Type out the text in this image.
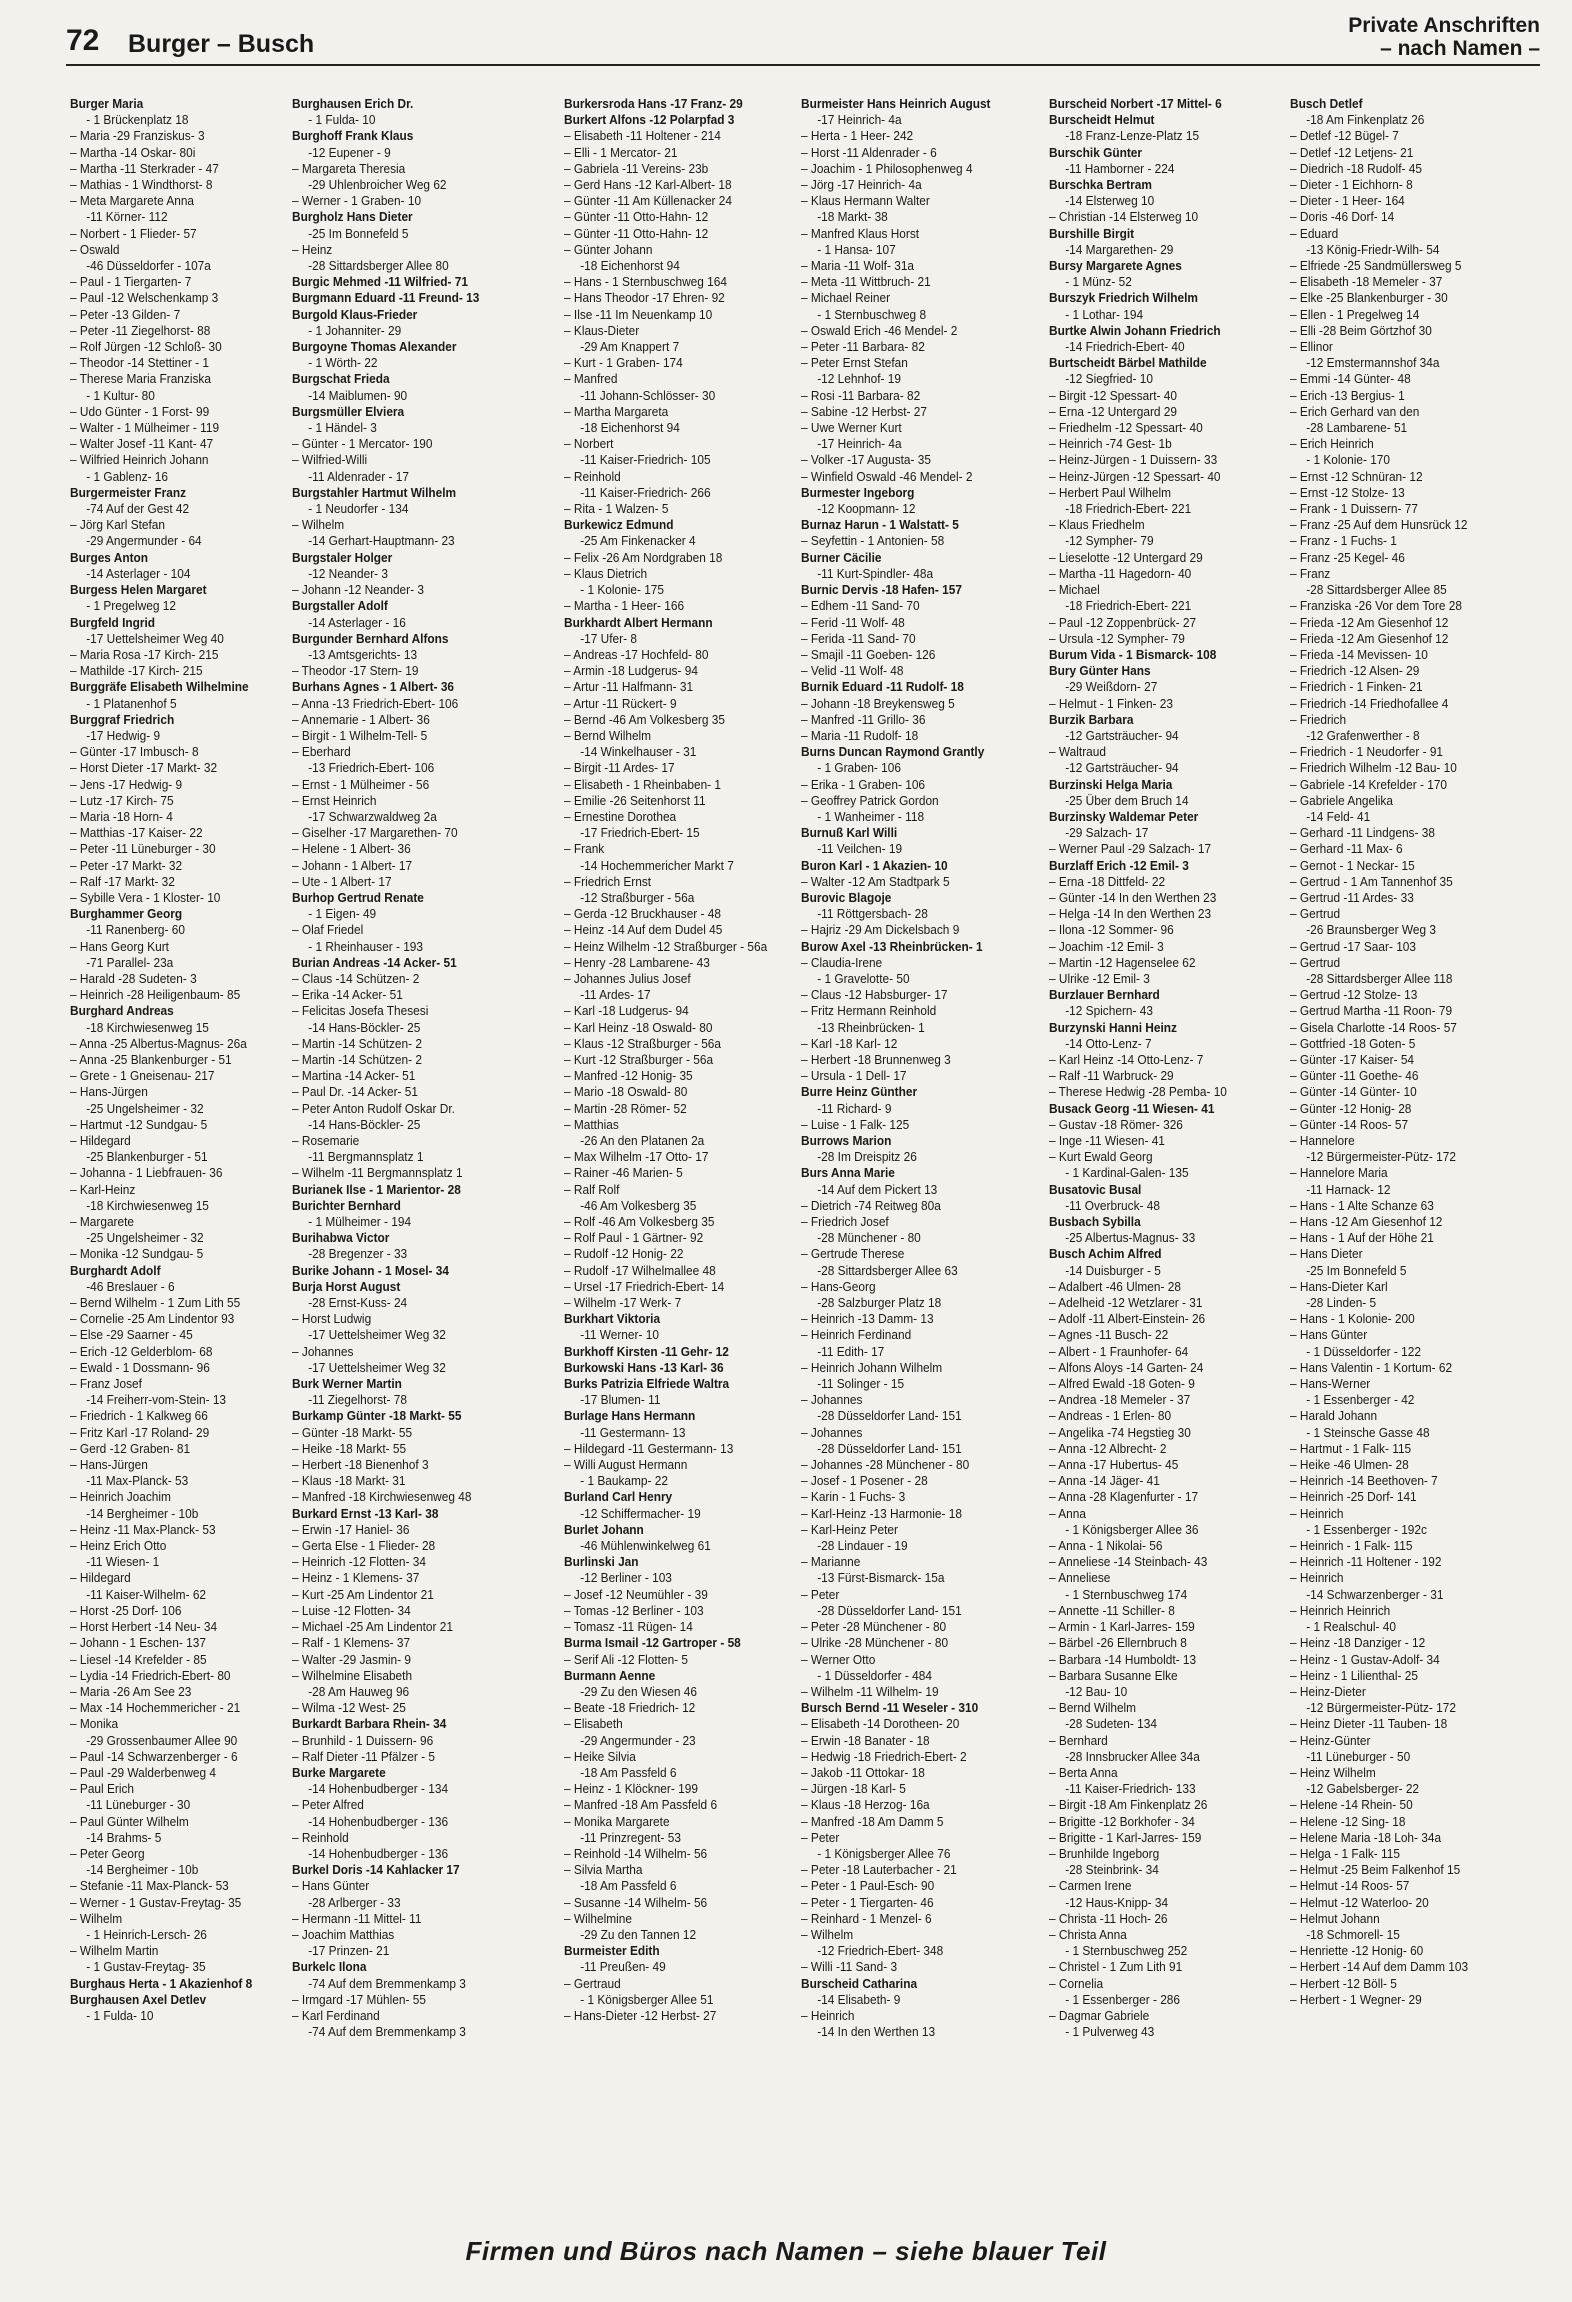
72 Burger – Busch
Private Anschriften
– nach Namen –
Burger Maria
- 1 Brückenplatz 18
– Maria -29 Franziskus- 3
– Martha -14 Oskar- 80i
– Martha -11 Sterkrader - 47
– Mathias - 1 Windthorst- 8
– Meta Margarete Anna
-11 Körner- 112
– Norbert - 1 Flieder- 57
– Oswald
-46 Düsseldorfer - 107a
– Paul - 1 Tiergarten- 7
– Paul -12 Welschenkamp 3
– Peter -13 Gilden- 7
– Peter -11 Ziegelhorst- 88
– Rolf Jürgen -12 Schloß- 30
– Theodor -14 Stettiner - 1
– Therese Maria Franziska
- 1 Kultur- 80
– Udo Günter - 1 Forst- 99
– Walter - 1 Mülheimer - 119
– Walter Josef -11 Kant- 47
– Wilfried Heinrich Johann
- 1 Gablenz- 16
Burgermeister Franz
-74 Auf der Gest 42
– Jörg Karl Stefan
-29 Angermunder - 64
Burges Anton
-14 Asterlager - 104
Burgess Helen Margaret
- 1 Pregelweg 12
Burgfeld Ingrid
-17 Uettelsheimer Weg 40
– Maria Rosa -17 Kirch- 215
– Mathilde -17 Kirch- 215
Burggräfe Elisabeth Wilhelmine
- 1 Platanenhof 5
Burggraf Friedrich
-17 Hedwig- 9
– Günter -17 Imbusch- 8
– Horst Dieter -17 Markt- 32
– Jens -17 Hedwig- 9
– Lutz -17 Kirch- 75
– Maria -18 Horn- 4
– Matthias -17 Kaiser- 22
– Peter -11 Lüneburger - 30
– Peter -17 Markt- 32
– Ralf -17 Markt- 32
– Sybille Vera - 1 Kloster- 10
Burghammer Georg
-11 Ranenberg- 60
– Hans Georg Kurt
-71 Parallel- 23a
– Harald -28 Sudeten- 3
– Heinrich -28 Heiligenbaum- 85
Burghard Andreas
-18 Kirchwiesenweg 15
– Anna -25 Albertus-Magnus- 26a
– Anna -25 Blankenburger - 51
– Grete - 1 Gneisenau- 217
– Hans-Jürgen
-25 Ungelsheimer - 32
– Hartmut -12 Sundgau- 5
– Hildegard
-25 Blankenburger - 51
– Johanna - 1 Liebfrauen- 36
– Karl-Heinz
-18 Kirchwiesenweg 15
– Margarete
-25 Ungelsheimer - 32
– Monika -12 Sundgau- 5
Burghardt Adolf
-46 Breslauer - 6
– Bernd Wilhelm - 1 Zum Lith 55
– Cornelie -25 Am Lindentor 93
– Else -29 Saarner - 45
– Erich -12 Gelderblom- 68
– Ewald - 1 Dossmann- 96
– Franz Josef
-14 Freiherr-vom-Stein- 13
– Friedrich - 1 Kalkweg 66
– Fritz Karl -17 Roland- 29
– Gerd -12 Graben- 81
– Hans-Jürgen
-11 Max-Planck- 53
– Heinrich Joachim
-14 Bergheimer - 10b
– Heinz -11 Max-Planck- 53
– Heinz Erich Otto
-11 Wiesen- 1
– Hildegard
-11 Kaiser-Wilhelm- 62
– Horst -25 Dorf- 106
– Horst Herbert -14 Neu- 34
– Johann - 1 Eschen- 137
– Liesel -14 Krefelder - 85
– Lydia -14 Friedrich-Ebert- 80
– Maria -26 Am See 23
– Max -14 Hochemmericher - 21
– Monika
-29 Grossenbaumer Allee 90
– Paul -14 Schwarzenberger - 6
– Paul -29 Walderbenweg 4
– Paul Erich
-11 Lüneburger - 30
– Paul Günter Wilhelm
-14 Brahms- 5
– Peter Georg
-14 Bergheimer - 10b
– Stefanie -11 Max-Planck- 53
– Werner - 1 Gustav-Freytag- 35
– Wilhelm
- 1 Heinrich-Lersch- 26
– Wilhelm Martin
- 1 Gustav-Freytag- 35
Burghaus Herta - 1 Akazienhof 8
Burghausen Axel Detlev
- 1 Fulda- 10
Burghausen Erich Dr.
- 1 Fulda- 10
Burghoff Frank Klaus
-12 Eupener - 9
– Margareta Theresia
-29 Uhlenbroicher Weg 62
– Werner - 1 Graben- 10
Burgholz Hans Dieter
-25 Im Bonnefeld 5
– Heinz
-28 Sittardsberger Allee 80
Burgic Mehmed -11 Wilfried- 71
Burgmann Eduard -11 Freund- 13
Burgold Klaus-Frieder
- 1 Johanniter- 29
Burgoyne Thomas Alexander
- 1 Wörth- 22
Burgschat Frieda
-14 Maiblumen- 90
Burgsmüller Elviera
- 1 Händel- 3
– Günter - 1 Mercator- 190
– Wilfried-Willi
-11 Aldenrader - 17
Burgstahler Hartmut Wilhelm
- 1 Neudorfer - 134
– Wilhelm
-14 Gerhart-Hauptmann- 23
Burgstaler Holger
-12 Neander- 3
– Johann -12 Neander- 3
Burgstaller Adolf
-14 Asterlager - 16
Burgunder Bernhard Alfons
-13 Amtsgerichts- 13
– Theodor -17 Stern- 19
Burhans Agnes - 1 Albert- 36
– Anna -13 Friedrich-Ebert- 106
– Annemarie - 1 Albert- 36
– Birgit - 1 Wilhelm-Tell- 5
– Eberhard
-13 Friedrich-Ebert- 106
– Ernst - 1 Mülheimer - 56
– Ernst Heinrich
-17 Schwarzwaldweg 2a
– Giselher -17 Margarethen- 70
– Helene - 1 Albert- 36
– Johann - 1 Albert- 17
– Ute - 1 Albert- 17
Burhop Gertrud Renate
- 1 Eigen- 49
– Olaf Friedel
- 1 Rheinhauser - 193
Burian Andreas -14 Acker- 51
– Claus -14 Schützen- 2
– Erika -14 Acker- 51
– Felicitas Josefa Thesesi
-14 Hans-Böckler- 25
– Martin -14 Schützen- 2
– Martin -14 Schützen- 2
– Martina -14 Acker- 51
– Paul Dr. -14 Acker- 51
– Peter Anton Rudolf Oskar Dr.
-14 Hans-Böckler- 25
– Rosemarie
-11 Bergmannsplatz 1
– Wilhelm -11 Bergmannsplatz 1
Burianek Ilse - 1 Marientor- 28
Burichter Bernhard
- 1 Mülheimer - 194
Burihabwa Victor
-28 Bregenzer - 33
Burike Johann - 1 Mosel- 34
Burja Horst August
-28 Ernst-Kuss- 24
– Horst Ludwig
-17 Uettelsheimer Weg 32
– Johannes
-17 Uettelsheimer Weg 32
Burk Werner Martin
-11 Ziegelhorst- 78
Burkamp Günter -18 Markt- 55
– Günter -18 Markt- 55
– Heike -18 Markt- 55
– Herbert -18 Bienenhof 3
– Klaus -18 Markt- 31
– Manfred -18 Kirchwiesenweg 48
Burkard Ernst -13 Karl- 38
– Erwin -17 Haniel- 36
– Gerta Else - 1 Flieder- 28
– Heinrich -12 Flotten- 34
– Heinz - 1 Klemens- 37
– Kurt -25 Am Lindentor 21
– Luise -12 Flotten- 34
– Michael -25 Am Lindentor 21
– Ralf - 1 Klemens- 37
– Walter -29 Jasmin- 9
– Wilhelmine Elisabeth
-28 Am Hauweg 96
– Wilma -12 West- 25
Burkardt Barbara Rhein- 34
– Brunhild - 1 Duissern- 96
– Ralf Dieter -11 Pfälzer - 5
Burke Margarete
-14 Hohenbudberger - 134
– Peter Alfred
-14 Hohenbudberger - 136
– Reinhold
-14 Hohenbudberger - 136
Burkel Doris -14 Kahlacker 17
– Hans Günter
-28 Arlberger - 33
– Hermann -11 Mittel- 11
– Joachim Matthias
-17 Prinzen- 21
Burkelc Ilona
-74 Auf dem Bremmenkamp 3
– Irmgard -17 Mühlen- 55
– Karl Ferdinand
-74 Auf dem Bremmenkamp 3
Burkersroda Hans -17 Franz- 29
Burkert Alfons -12 Polarpfad 3
– Elisabeth -11 Holtener - 214
– Elli - 1 Mercator- 21
– Gabriela -11 Vereins- 23b
– Gerd Hans -12 Karl-Albert- 18
– Günter -11 Am Küllenacker 24
– Günter -11 Otto-Hahn- 12
– Günter -11 Otto-Hahn- 12
– Günter Johann
-18 Eichenhorst 94
– Hans - 1 Sternbuschweg 164
– Hans Theodor -17 Ehren- 92
– Ilse -11 Im Neuenkamp 10
– Klaus-Dieter
-29 Am Knappert 7
– Kurt - 1 Graben- 174
– Manfred
-11 Johann-Schlösser- 30
– Martha Margareta
-18 Eichenhorst 94
– Norbert
-11 Kaiser-Friedrich- 105
– Reinhold
-11 Kaiser-Friedrich- 266
– Rita - 1 Walzen- 5
Burkewicz Edmund
-25 Am Finkenacker 4
– Felix -26 Am Nordgraben 18
– Klaus Dietrich
- 1 Kolonie- 175
– Martha - 1 Heer- 166
Burkhardt Albert Hermann
-17 Ufer- 8
– Andreas -17 Hochfeld- 80
– Armin -18 Ludgerus- 94
– Artur -11 Halfmann- 31
– Artur -11 Rückert- 9
– Bernd -46 Am Volkesberg 35
– Bernd Wilhelm
-14 Winkelhauser - 31
– Birgit -11 Ardes- 17
– Elisabeth - 1 Rheinbaben- 1
– Emilie -26 Seitenhorst 11
– Ernestine Dorothea
-17 Friedrich-Ebert- 15
– Frank
-14 Hochemmericher Markt 7
– Friedrich Ernst
-12 Straßburger - 56a
– Gerda -12 Bruckhauser - 48
– Heinz -14 Auf dem Dudel 45
– Heinz Wilhelm -12 Straßburger - 56a
– Henry -28 Lambarene- 43
– Johannes Julius Josef
-11 Ardes- 17
– Karl -18 Ludgerus- 94
– Karl Heinz -18 Oswald- 80
– Klaus -12 Straßburger - 56a
– Kurt -12 Straßburger - 56a
– Manfred -12 Honig- 35
– Mario -18 Oswald- 80
– Martin -28 Römer- 52
– Matthias
-26 An den Platanen 2a
– Max Wilhelm -17 Otto- 17
– Rainer -46 Marien- 5
– Ralf Rolf
-46 Am Volkesberg 35
– Rolf -46 Am Volkesberg 35
– Rolf Paul - 1 Gärtner- 92
– Rudolf -12 Honig- 22
– Rudolf -17 Wilhelmallee 48
– Ursel -17 Friedrich-Ebert- 14
– Wilhelm -17 Werk- 7
Burkhart Viktoria
-11 Werner- 10
Burkhoff Kirsten -11 Gehr- 12
Burkowski Hans -13 Karl- 36
Burks Patrizia Elfriede Waltra
-17 Blumen- 11
Burlage Hans Hermann
-11 Gestermann- 13
– Hildegard -11 Gestermann- 13
– Willi August Hermann
- 1 Baukamp- 22
Burland Carl Henry
-12 Schiffermacher- 19
Burlet Johann
-46 Mühlenwinkelweg 61
Burlinski Jan
-12 Berliner - 103
– Josef -12 Neumühler - 39
– Tomas -12 Berliner - 103
– Tomasz -11 Rügen- 14
Burma Ismail -12 Gartroper - 58
– Serif Ali -12 Flotten- 5
Burmann Aenne
-29 Zu den Wiesen 46
– Beate -18 Friedrich- 12
– Elisabeth
-29 Angermunder - 23
– Heike Silvia
-18 Am Passfeld 6
– Heinz - 1 Klöckner- 199
– Manfred -18 Am Passfeld 6
– Monika Margarete
-11 Prinzregent- 53
– Reinhold -14 Wilhelm- 56
– Silvia Martha
-18 Am Passfeld 6
– Susanne -14 Wilhelm- 56
– Wilhelmine
-29 Zu den Tannen 12
Burmeister Edith
-11 Preußen- 49
– Gertraud
- 1 Königsberger Allee 51
– Hans-Dieter -12 Herbst- 27
Burmeister Hans Heinrich August
-17 Heinrich- 4a
– Herta - 1 Heer- 242
– Horst -11 Aldenrader - 6
– Joachim - 1 Philosophenweg 4
– Jörg -17 Heinrich- 4a
– Klaus Hermann Walter
-18 Markt- 38
– Manfred Klaus Horst
- 1 Hansa- 107
– Maria -11 Wolf- 31a
– Meta -11 Wittbruch- 21
– Michael Reiner
- 1 Sternbuschweg 8
– Oswald Erich -46 Mendel- 2
– Peter -11 Barbara- 82
– Peter Ernst Stefan
-12 Lehnhof- 19
– Rosi -11 Barbara- 82
– Sabine -12 Herbst- 27
– Uwe Werner Kurt
-17 Heinrich- 4a
– Volker -17 Augusta- 35
– Winfield Oswald -46 Mendel- 2
Burmester Ingeborg
-12 Koopmann- 12
Burnaz Harun - 1 Walstatt- 5
– Seyfettin - 1 Antonien- 58
Burner Cäcilie
-11 Kurt-Spindler- 48a
Burnic Dervis -18 Hafen- 157
– Edhem -11 Sand- 70
– Ferid -11 Wolf- 48
– Ferida -11 Sand- 70
– Smajil -11 Goeben- 126
– Velid -11 Wolf- 48
Burnik Eduard -11 Rudolf- 18
– Johann -18 Breykensweg 5
– Manfred -11 Grillo- 36
– Maria -11 Rudolf- 18
Burns Duncan Raymond Grantly
- 1 Graben- 106
– Erika - 1 Graben- 106
– Geoffrey Patrick Gordon
- 1 Wanheimer - 118
Burnuß Karl Willi
-11 Veilchen- 19
Buron Karl - 1 Akazien- 10
– Walter -12 Am Stadtpark 5
Burovic Blagoje
-11 Röttgersbach- 28
– Hajriz -29 Am Dickelsbach 9
Burow Axel -13 Rheinbrücken- 1
– Claudia-Irene
- 1 Gravelotte- 50
– Claus -12 Habsburger- 17
– Fritz Hermann Reinhold
-13 Rheinbrücken- 1
– Karl -18 Karl- 12
– Herbert -18 Brunnenweg 3
– Ursula - 1 Dell- 17
Burre Heinz Günther
-11 Richard- 9
– Luise - 1 Falk- 125
Burrows Marion
-28 Im Dreispitz 26
Burs Anna Marie
-14 Auf dem Pickert 13
– Dietrich -74 Reitweg 80a
– Friedrich Josef
-28 Münchener - 80
– Gertrude Therese
-28 Sittardsberger Allee 63
– Hans-Georg
-28 Salzburger Platz 18
– Heinrich -13 Damm- 13
– Heinrich Ferdinand
-11 Edith- 17
– Heinrich Johann Wilhelm
-11 Solinger - 15
– Johannes
-28 Düsseldorfer Land- 151
– Johannes
-28 Düsseldorfer Land- 151
– Johannes -28 Münchener - 80
– Josef - 1 Posener - 28
– Karin - 1 Fuchs- 3
– Karl-Heinz -13 Harmonie- 18
– Karl-Heinz Peter
-28 Lindauer - 19
– Marianne
-13 Fürst-Bismarck- 15a
– Peter
-28 Düsseldorfer Land- 151
– Peter -28 Münchener - 80
– Ulrike -28 Münchener - 80
– Werner Otto
- 1 Düsseldorfer - 484
– Wilhelm -11 Wilhelm- 19
Bursch Bernd -11 Weseler - 310
– Elisabeth -14 Dorotheen- 20
– Erwin -18 Banater - 18
– Hedwig -18 Friedrich-Ebert- 2
– Jakob -11 Ottokar- 18
– Jürgen -18 Karl- 5
– Klaus -18 Herzog- 16a
– Manfred -18 Am Damm 5
– Peter
- 1 Königsberger Allee 76
– Peter -18 Lauterbacher - 21
– Peter - 1 Paul-Esch- 90
– Peter - 1 Tiergarten- 46
– Reinhard - 1 Menzel- 6
– Wilhelm
-12 Friedrich-Ebert- 348
– Willi -11 Sand- 3
Burscheid Catharina
-14 Elisabeth- 9
– Heinrich
-14 In den Werthen 13
Burscheid Norbert -17 Mittel- 6
Burscheidt Helmut
-18 Franz-Lenze-Platz 15
Burschik Günter
-11 Hamborner - 224
Burschka Bertram
-14 Elsterweg 10
– Christian -14 Elsterweg 10
Burshille Birgit
-14 Margarethen- 29
Bursy Margarete Agnes
- 1 Münz- 52
Burszyk Friedrich Wilhelm
- 1 Lothar- 194
Burtke Alwin Johann Friedrich
-14 Friedrich-Ebert- 40
Burtscheidt Bärbel Mathilde
-12 Siegfried- 10
– Birgit -12 Spessart- 40
– Erna -12 Untergard 29
– Friedhelm -12 Spessart- 40
– Heinrich -74 Gest- 1b
– Heinz-Jürgen - 1 Duissern- 33
– Heinz-Jürgen -12 Spessart- 40
– Herbert Paul Wilhelm
-18 Friedrich-Ebert- 221
– Klaus Friedhelm
-12 Sympher- 79
– Lieselotte -12 Untergard 29
– Martha -11 Hagedorn- 40
– Michael
-18 Friedrich-Ebert- 221
– Paul -12 Zoppenbrück- 27
– Ursula -12 Sympher- 79
Burum Vida - 1 Bismarck- 108
Bury Günter Hans
-29 Weißdorn- 27
– Helmut - 1 Finken- 23
Burzik Barbara
-12 Gartsträucher- 94
– Waltraud
-12 Gartsträucher- 94
Burzinski Helga Maria
-25 Über dem Bruch 14
Burzinsky Waldemar Peter
-29 Salzach- 17
– Werner Paul -29 Salzach- 17
Burzlaff Erich -12 Emil- 3
– Erna -18 Dittfeld- 22
– Günter -14 In den Werthen 23
– Helga -14 In den Werthen 23
– Ilona -12 Sommer- 96
– Joachim -12 Emil- 3
– Martin -12 Hagenselee 62
– Ulrike -12 Emil- 3
Burzlauer Bernhard
-12 Spichern- 43
Burzynski Hanni Heinz
-14 Otto-Lenz- 7
– Karl Heinz -14 Otto-Lenz- 7
– Ralf -11 Warbruck- 29
– Therese Hedwig -28 Pemba- 10
Busack Georg -11 Wiesen- 41
– Gustav -18 Römer- 326
– Inge -11 Wiesen- 41
– Kurt Ewald Georg
- 1 Kardinal-Galen- 135
Busatovic Busal
-11 Overbruck- 48
Busbach Sybilla
-25 Albertus-Magnus- 33
Busch Achim Alfred
-14 Duisburger - 5
– Adalbert -46 Ulmen- 28
– Adelheid -12 Wetzlarer - 31
– Adolf -11 Albert-Einstein- 26
– Agnes -11 Busch- 22
– Albert - 1 Fraunhofer- 64
– Alfons Aloys -14 Garten- 24
– Alfred Ewald -18 Goten- 9
– Andrea -18 Memeler - 37
– Andreas - 1 Erlen- 80
– Angelika -74 Hegstieg 30
– Anna -12 Albrecht- 2
– Anna -17 Hubertus- 45
– Anna -14 Jäger- 41
– Anna -28 Klagenfurter - 17
– Anna
- 1 Königsberger Allee 36
– Anna - 1 Nikolai- 56
– Anneliese -14 Steinbach- 43
– Anneliese
- 1 Sternbuschweg 174
– Annette -11 Schiller- 8
– Armin - 1 Karl-Jarres- 159
– Bärbel -26 Ellernbruch 8
– Barbara -14 Humboldt- 13
– Barbara Susanne Elke
-12 Bau- 10
– Bernd Wilhelm
-28 Sudeten- 134
– Bernhard
-28 Innsbrucker Allee 34a
– Berta Anna
-11 Kaiser-Friedrich- 133
– Birgit -18 Am Finkenplatz 26
– Brigitte -12 Borkhofer - 34
– Brigitte - 1 Karl-Jarres- 159
– Brunhilde Ingeborg
-28 Steinbrink- 34
– Carmen Irene
-12 Haus-Knipp- 34
– Christa -11 Hoch- 26
– Christa Anna
- 1 Sternbuschweg 252
– Christel - 1 Zum Lith 91
– Cornelia
- 1 Essenberger - 286
– Dagmar Gabriele
- 1 Pulverweg 43
Busch Detlef
-18 Am Finkenplatz 26
– Detlef -12 Bügel- 7
– Detlef -12 Letjens- 21
– Diedrich -18 Rudolf- 45
– Dieter - 1 Eichhorn- 8
– Dieter - 1 Heer- 164
– Doris -46 Dorf- 14
– Eduard
-13 König-Friedr-Wilh- 54
– Elfriede -25 Sandmüllersweg 5
– Elisabeth -18 Memeler - 37
– Elke -25 Blankenburger - 30
– Ellen - 1 Pregelweg 14
– Elli -28 Beim Görtzhof 30
– Ellinor
-12 Emstermannshof 34a
– Emmi -14 Günter- 48
– Erich -13 Bergius- 1
– Erich Gerhard van den
-28 Lambarene- 51
– Erich Heinrich
- 1 Kolonie- 170
– Ernst -12 Schnüran- 12
– Ernst -12 Stolze- 13
– Frank - 1 Duissern- 77
– Franz -25 Auf dem Hunsrück 12
– Franz - 1 Fuchs- 1
– Franz -25 Kegel- 46
– Franz
-28 Sittardsberger Allee 85
– Franziska -26 Vor dem Tore 28
– Frieda -12 Am Giesenhof 12
– Frieda -12 Am Giesenhof 12
– Frieda -14 Mevissen- 10
– Friedrich -12 Alsen- 29
– Friedrich - 1 Finken- 21
– Friedrich -14 Friedhofallee 4
– Friedrich
-12 Grafenwerther - 8
– Friedrich - 1 Neudorfer - 91
– Friedrich Wilhelm -12 Bau- 10
– Gabriele -14 Krefelder - 170
– Gabriele Angelika
-14 Feld- 41
– Gerhard -11 Lindgens- 38
– Gerhard -11 Max- 6
– Gernot - 1 Neckar- 15
– Gertrud - 1 Am Tannenhof 35
– Gertrud -11 Ardes- 33
– Gertrud
-26 Braunsberger Weg 3
– Gertrud -17 Saar- 103
– Gertrud
-28 Sittardsberger Allee 118
– Gertrud -12 Stolze- 13
– Gertrud Martha -11 Roon- 79
– Gisela Charlotte -14 Roos- 57
– Gottfried -18 Goten- 5
– Günter -17 Kaiser- 54
– Günter -11 Goethe- 46
– Günter -14 Günter- 10
– Günter -12 Honig- 28
– Günter -14 Roos- 57
– Hannelore
-12 Bürgermeister-Pütz- 172
– Hannelore Maria
-11 Harnack- 12
– Hans - 1 Alte Schanze 63
– Hans -12 Am Giesenhof 12
– Hans - 1 Auf der Höhe 21
– Hans Dieter
-25 Im Bonnefeld 5
– Hans-Dieter Karl
-28 Linden- 5
– Hans - 1 Kolonie- 200
– Hans Günter
- 1 Düsseldorfer - 122
– Hans Valentin - 1 Kortum- 62
– Hans-Werner
- 1 Essenberger - 42
– Harald Johann
- 1 Steinsche Gasse 48
– Hartmut - 1 Falk- 115
– Heike -46 Ulmen- 28
– Heinrich -14 Beethoven- 7
– Heinrich -25 Dorf- 141
– Heinrich
- 1 Essenberger - 192c
– Heinrich - 1 Falk- 115
– Heinrich -11 Holtener - 192
– Heinrich
-14 Schwarzenberger - 31
– Heinrich Heinrich
- 1 Realschul- 40
– Heinz -18 Danziger - 12
– Heinz - 1 Gustav-Adolf- 34
– Heinz - 1 Lilienthal- 25
– Heinz-Dieter
-12 Bürgermeister-Pütz- 172
– Heinz Dieter -11 Tauben- 18
– Heinz-Günter
-11 Lüneburger - 50
– Heinz Wilhelm
-12 Gabelsberger- 22
– Helene -14 Rhein- 50
– Helene -12 Sing- 18
– Helene Maria -18 Loh- 34a
– Helga - 1 Falk- 115
– Helmut -25 Beim Falkenhof 15
– Helmut -14 Roos- 57
– Helmut -12 Waterloo- 20
– Helmut Johann
-18 Schmorell- 15
– Henriette -12 Honig- 60
– Herbert -14 Auf dem Damm 103
– Herbert -12 Böll- 5
– Herbert - 1 Wegner- 29
Firmen und Büros nach Namen – siehe blauer Teil
